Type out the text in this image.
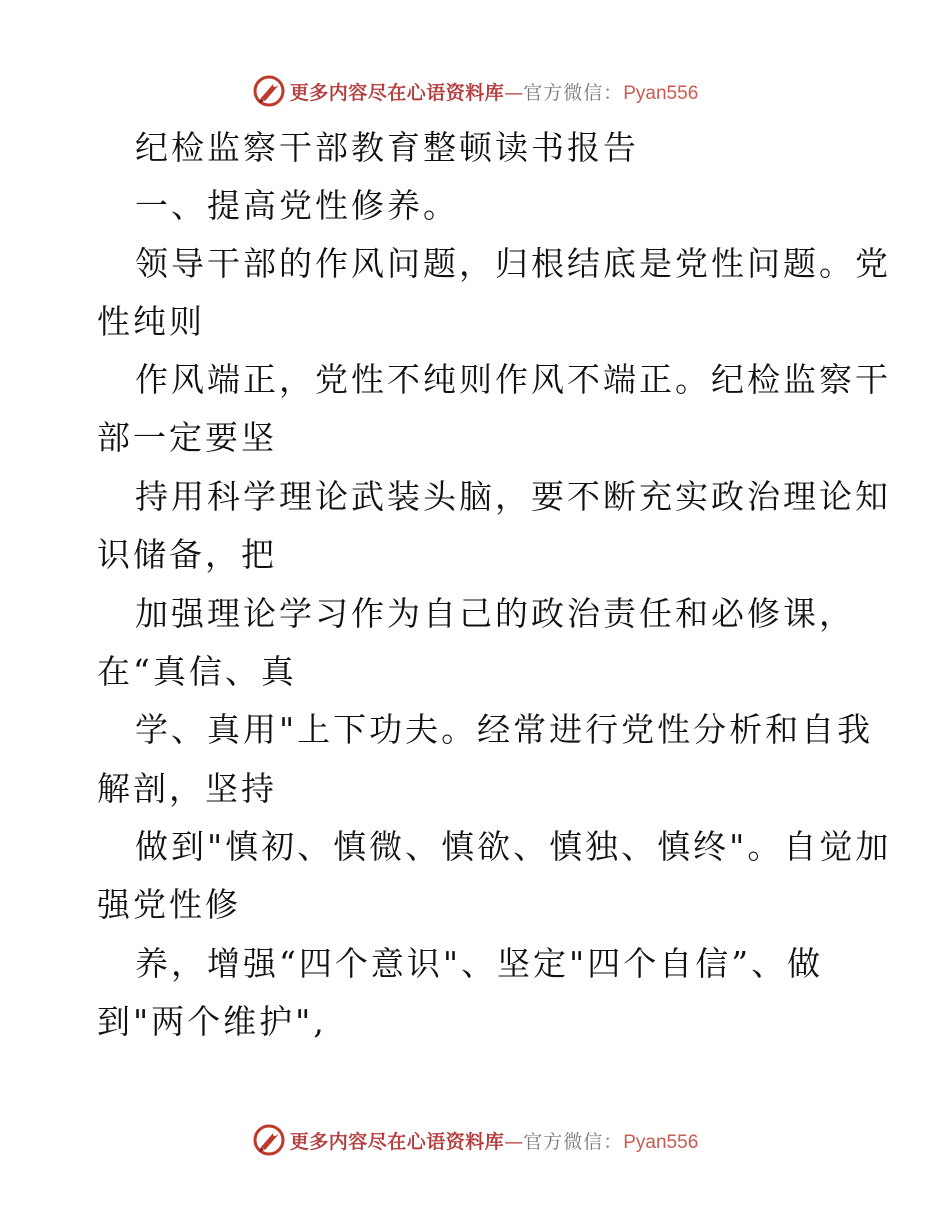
更多内容尽在心语资料库—官方微信：Pyan556
纪检监察干部教育整顿读书报告
一、提高党性修养。
领导干部的作风问题，归根结底是党性问题。党
性纯则
作风端正，党性不纯则作风不端正。纪检监察干
部一定要坚
持用科学理论武装头脑，要不断充实政治理论知
识储备，把
加强理论学习作为自己的政治责任和必修课，
在“真信、真
学、真用"上下功夫。经常进行党性分析和自我
解剖，坚持
做到"慎初、慎微、慎欲、慎独、慎终"。自觉加
强党性修
养，增强“四个意识"、坚定"四个自信”、做
到"两个维护",
更多内容尽在心语资料库—官方微信：Pyan556
